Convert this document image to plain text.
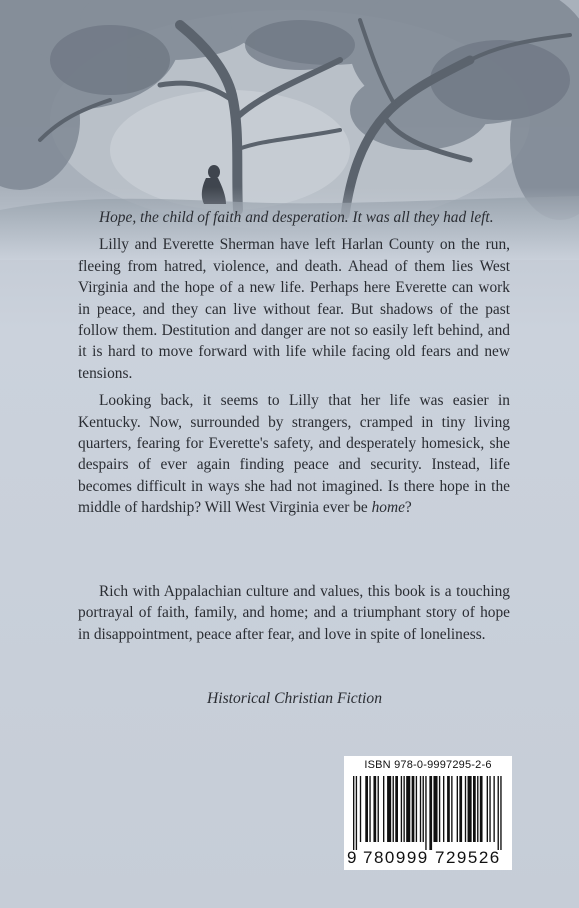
Hope, the child of faith and desperation. It was all they had left.

Lilly and Everette Sherman have left Harlan County on the run, fleeing from hatred, violence, and death. Ahead of them lies West Virginia and the hope of a new life. Perhaps here Everette can work in peace, and they can live without fear. But shadows of the past follow them. Destitution and danger are not so easily left behind, and it is hard to move forward with life while facing old fears and new tensions.

Looking back, it seems to Lilly that her life was easier in Kentucky. Now, surrounded by strangers, cramped in tiny living quarters, fearing for Everette's safety, and desperately homesick, she despairs of ever again finding peace and security. Instead, life becomes difficult in ways she had not imagined. Is there hope in the middle of hardship? Will West Virginia ever be home?

Rich with Appalachian culture and values, this book is a touching portrayal of faith, family, and home; and a triumphant story of hope in disappointment, peace after fear, and love in spite of loneliness.

Historical Christian Fiction
ISBN 978-0-9997295-2-6
9 780999 729526
